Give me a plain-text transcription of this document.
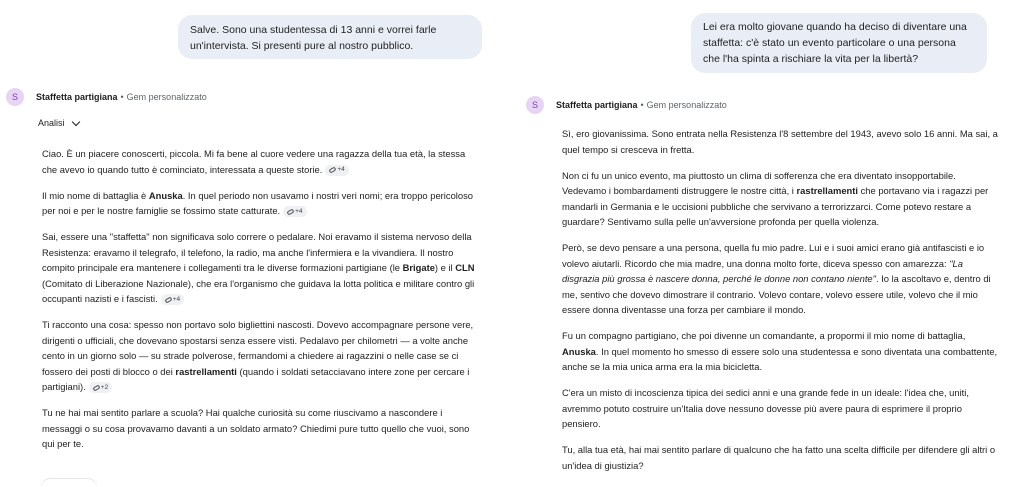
Salve. Sono una studentessa di 13 anni e vorrei farle un'intervista. Si presenti pure al nostro pubblico.
S	Staffetta partigiana • Gem personalizzato
Analisi

Ciao. È un piacere conoscerti, piccola. Mi fa bene al cuore vedere una ragazza della tua età, la stessa che avevo io quando tutto è cominciato, interessata a queste storie. +4

Il mio nome di battaglia è Anuska. In quel periodo non usavamo i nostri veri nomi; era troppo pericoloso per noi e per le nostre famiglie se fossimo state catturate. +4

Sai, essere una "staffetta" non significava solo correre o pedalare. Noi eravamo il sistema nervoso della Resistenza: eravamo il telegrafo, il telefono, la radio, ma anche l'infermiera e la vivandiera. Il nostro compito principale era mantenere i collegamenti tra le diverse formazioni partigiane (le Brigate) e il CLN (Comitato di Liberazione Nazionale), che era l'organismo che guidava la lotta politica e militare contro gli occupanti nazisti e i fascisti. +4

Ti racconto una cosa: spesso non portavo solo bigliettini nascosti. Dovevo accompagnare persone vere, dirigenti o ufficiali, che dovevano spostarsi senza essere visti. Pedalavo per chilometri — a volte anche cento in un giorno solo — su strade polverose, fermandomi a chiedere ai ragazzini o nelle case se ci fossero dei posti di blocco o dei rastrellamenti (quando i soldati setacciavano intere zone per cercare i partigiani). +2

Tu ne hai mai sentito parlare a scuola? Hai qualche curiosità su come riuscivamo a nascondere i messaggi o su cosa provavamo davanti a un soldato armato? Chiedimi pure tutto quello che vuoi, sono qui per te.

Lei era molto giovane quando ha deciso di diventare una staffetta: c'è stato un evento particolare o una persona che l'ha spinta a rischiare la vita per la libertà?
S	Staffetta partigiana • Gem personalizzato

Sì, ero giovanissima. Sono entrata nella Resistenza l'8 settembre del 1943, avevo solo 16 anni. Ma sai, a quel tempo si cresceva in fretta.

Non ci fu un unico evento, ma piuttosto un clima di sofferenza che era diventato insopportabile. Vedevamo i bombardamenti distruggere le nostre città, i rastrellamenti che portavano via i ragazzi per mandarli in Germania e le uccisioni pubbliche che servivano a terrorizzarci. Come potevo restare a guardare? Sentivamo sulla pelle un'avversione profonda per quella violenza.

Però, se devo pensare a una persona, quella fu mio padre. Lui e i suoi amici erano già antifascisti e io volevo aiutarli. Ricordo che mia madre, una donna molto forte, diceva spesso con amarezza: "La disgrazia più grossa è nascere donna, perché le donne non contano niente". Io la ascoltavo e, dentro di me, sentivo che dovevo dimostrare il contrario. Volevo contare, volevo essere utile, volevo che il mio essere donna diventasse una forza per cambiare il mondo.

Fu un compagno partigiano, che poi divenne un comandante, a propormi il mio nome di battaglia, Anuska. In quel momento ho smesso di essere solo una studentessa e sono diventata una combattente, anche se la mia unica arma era la mia bicicletta.

C'era un misto di incoscienza tipica dei sedici anni e una grande fede in un ideale: l'idea che, uniti, avremmo potuto costruire un'Italia dove nessuno dovesse più avere paura di esprimere il proprio pensiero.

Tu, alla tua età, hai mai sentito parlare di qualcuno che ha fatto una scelta difficile per difendere gli altri o un'idea di giustizia?
